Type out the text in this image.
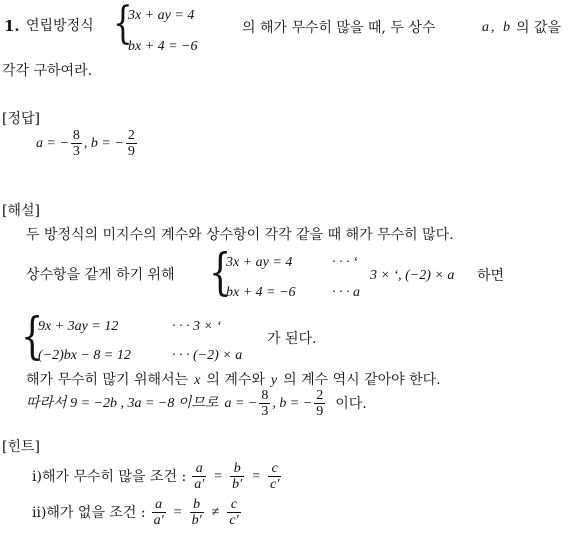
1. 연립방정식 {
3x + ay = 4
bx + 4 = −6
의 해가 무수히 많을 때, 두 상수	a , b 의 값을
각각 구하여라.
[정답]
a = − $\frac{8}{3}$ , b = − $\frac{2}{9}$
[해설]
두 방정식의 미지수의 계수와 상수항이 각각 같을 때 해가 무수히 많다.
상수항을 같게 하기 위해 {
3x + ay = 4	· · · ‘
bx + 4 = −6	· · · a
3 × ‘, (−2) × a 하면
{
9x + 3ay = 12	· · · 3 × ‘
(−2)bx − 8 = 12	· · · (−2) × a
가 된다.
해가 무수히 많기 위해서는 x 의 계수와 y 의 계수 역시 같아야 한다.
따라서 9 = −2b , 3a = −8 이므로 a = − $\frac{8}{3}$ , b = − $\frac{2}{9}$ 이다.
[힌트]
ⅰ)해가 무수히 많을 조건 : $\frac{a}{a'} = \frac{b}{b'} = \frac{c}{c'}$
ⅱ)해가 없을 조건 : $\frac{a}{a'} = \frac{b}{b'} \ne \frac{c}{c'}$
